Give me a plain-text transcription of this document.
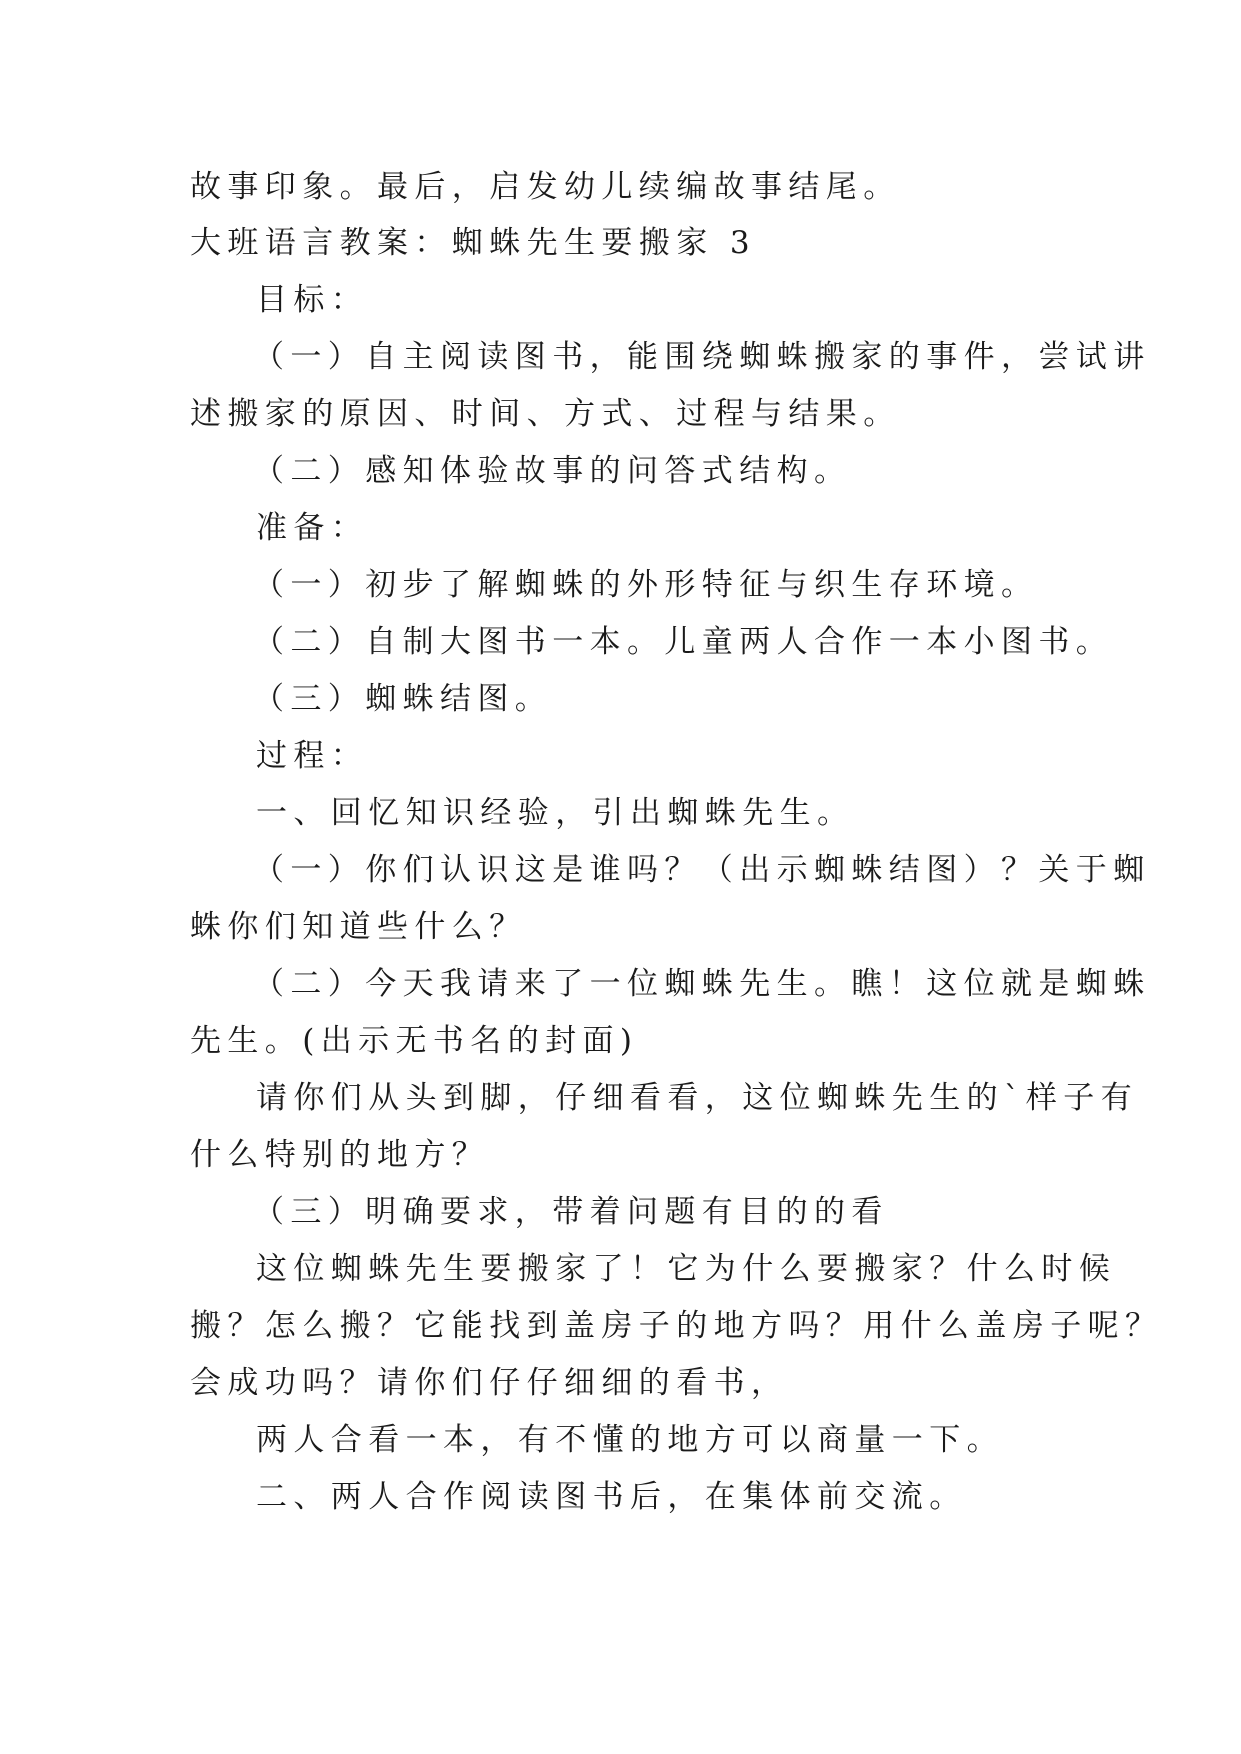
故事印象。最后，启发幼儿续编故事结尾。
大班语言教案：蜘蛛先生要搬家 3
目标：
（一）自主阅读图书，能围绕蜘蛛搬家的事件，尝试讲
述搬家的原因、时间、方式、过程与结果。
（二）感知体验故事的问答式结构。
准备：
（一）初步了解蜘蛛的外形特征与织生存环境。
（二）自制大图书一本。儿童两人合作一本小图书。
（三）蜘蛛结图。
过程：
一、回忆知识经验，引出蜘蛛先生。
（一）你们认识这是谁吗？（出示蜘蛛结图）？关于蜘
蛛你们知道些什么？
（二）今天我请来了一位蜘蛛先生。瞧！这位就是蜘蛛
先生。(出示无书名的封面)
请你们从头到脚，仔细看看，这位蜘蛛先生的`样子有
什么特别的地方？
（三）明确要求，带着问题有目的的看
这位蜘蛛先生要搬家了！它为什么要搬家？什么时候
搬？怎么搬？它能找到盖房子的地方吗？用什么盖房子呢？
会成功吗？请你们仔仔细细的看书，
两人合看一本，有不懂的地方可以商量一下。
二、两人合作阅读图书后，在集体前交流。
